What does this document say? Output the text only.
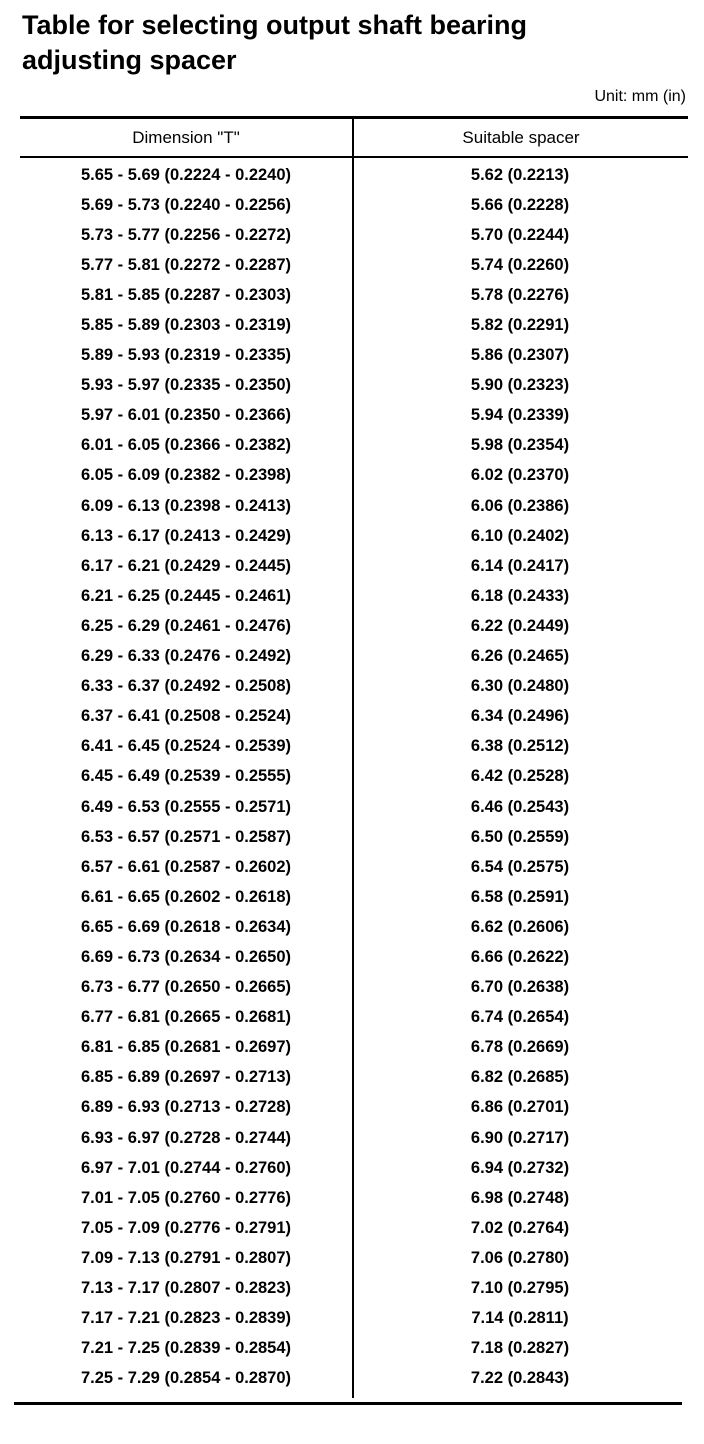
Table for selecting output shaft bearing
adjusting spacer
Unit: mm (in)
Dimension "T"	Suitable spacer
5.65 - 5.69 (0.2224 - 0.2240)	5.62 (0.2213)
5.69 - 5.73 (0.2240 - 0.2256)	5.66 (0.2228)
5.73 - 5.77 (0.2256 - 0.2272)	5.70 (0.2244)
5.77 - 5.81 (0.2272 - 0.2287)	5.74 (0.2260)
5.81 - 5.85 (0.2287 - 0.2303)	5.78 (0.2276)
5.85 - 5.89 (0.2303 - 0.2319)	5.82 (0.2291)
5.89 - 5.93 (0.2319 - 0.2335)	5.86 (0.2307)
5.93 - 5.97 (0.2335 - 0.2350)	5.90 (0.2323)
5.97 - 6.01 (0.2350 - 0.2366)	5.94 (0.2339)
6.01 - 6.05 (0.2366 - 0.2382)	5.98 (0.2354)
6.05 - 6.09 (0.2382 - 0.2398)	6.02 (0.2370)
6.09 - 6.13 (0.2398 - 0.2413)	6.06 (0.2386)
6.13 - 6.17 (0.2413 - 0.2429)	6.10 (0.2402)
6.17 - 6.21 (0.2429 - 0.2445)	6.14 (0.2417)
6.21 - 6.25 (0.2445 - 0.2461)	6.18 (0.2433)
6.25 - 6.29 (0.2461 - 0.2476)	6.22 (0.2449)
6.29 - 6.33 (0.2476 - 0.2492)	6.26 (0.2465)
6.33 - 6.37 (0.2492 - 0.2508)	6.30 (0.2480)
6.37 - 6.41 (0.2508 - 0.2524)	6.34 (0.2496)
6.41 - 6.45 (0.2524 - 0.2539)	6.38 (0.2512)
6.45 - 6.49 (0.2539 - 0.2555)	6.42 (0.2528)
6.49 - 6.53 (0.2555 - 0.2571)	6.46 (0.2543)
6.53 - 6.57 (0.2571 - 0.2587)	6.50 (0.2559)
6.57 - 6.61 (0.2587 - 0.2602)	6.54 (0.2575)
6.61 - 6.65 (0.2602 - 0.2618)	6.58 (0.2591)
6.65 - 6.69 (0.2618 - 0.2634)	6.62 (0.2606)
6.69 - 6.73 (0.2634 - 0.2650)	6.66 (0.2622)
6.73 - 6.77 (0.2650 - 0.2665)	6.70 (0.2638)
6.77 - 6.81 (0.2665 - 0.2681)	6.74 (0.2654)
6.81 - 6.85 (0.2681 - 0.2697)	6.78 (0.2669)
6.85 - 6.89 (0.2697 - 0.2713)	6.82 (0.2685)
6.89 - 6.93 (0.2713 - 0.2728)	6.86 (0.2701)
6.93 - 6.97 (0.2728 - 0.2744)	6.90 (0.2717)
6.97 - 7.01 (0.2744 - 0.2760)	6.94 (0.2732)
7.01 - 7.05 (0.2760 - 0.2776)	6.98 (0.2748)
7.05 - 7.09 (0.2776 - 0.2791)	7.02 (0.2764)
7.09 - 7.13 (0.2791 - 0.2807)	7.06 (0.2780)
7.13 - 7.17 (0.2807 - 0.2823)	7.10 (0.2795)
7.17 - 7.21 (0.2823 - 0.2839)	7.14 (0.2811)
7.21 - 7.25 (0.2839 - 0.2854)	7.18 (0.2827)
7.25 - 7.29 (0.2854 - 0.2870)	7.22 (0.2843)
